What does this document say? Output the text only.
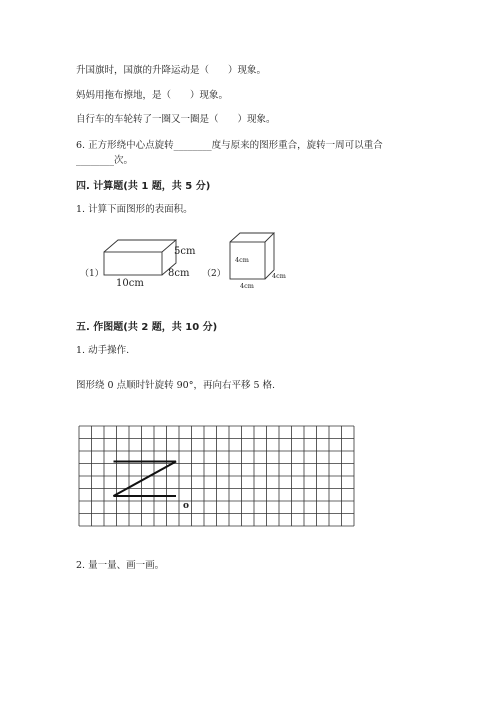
升国旗时，国旗的升降运动是（　　）现象。
妈妈用拖布擦地，是（　　）现象。
自行车的车轮转了一圈又一圈是（　　）现象。
6. 正方形绕中心点旋转________度与原来的图形重合，旋转一周可以重合
________次。
四. 计算题(共 1 题，共 5 分)
1. 计算下面图形的表面积。
（1）
5cm
8cm
10cm
（2）
4cm
4cm
4cm
五. 作图题(共 2 题，共 10 分)
1. 动手操作.
图形绕 0 点顺时针旋转 90°，再向右平移 5 格.
o
2. 量一量、画一画。
